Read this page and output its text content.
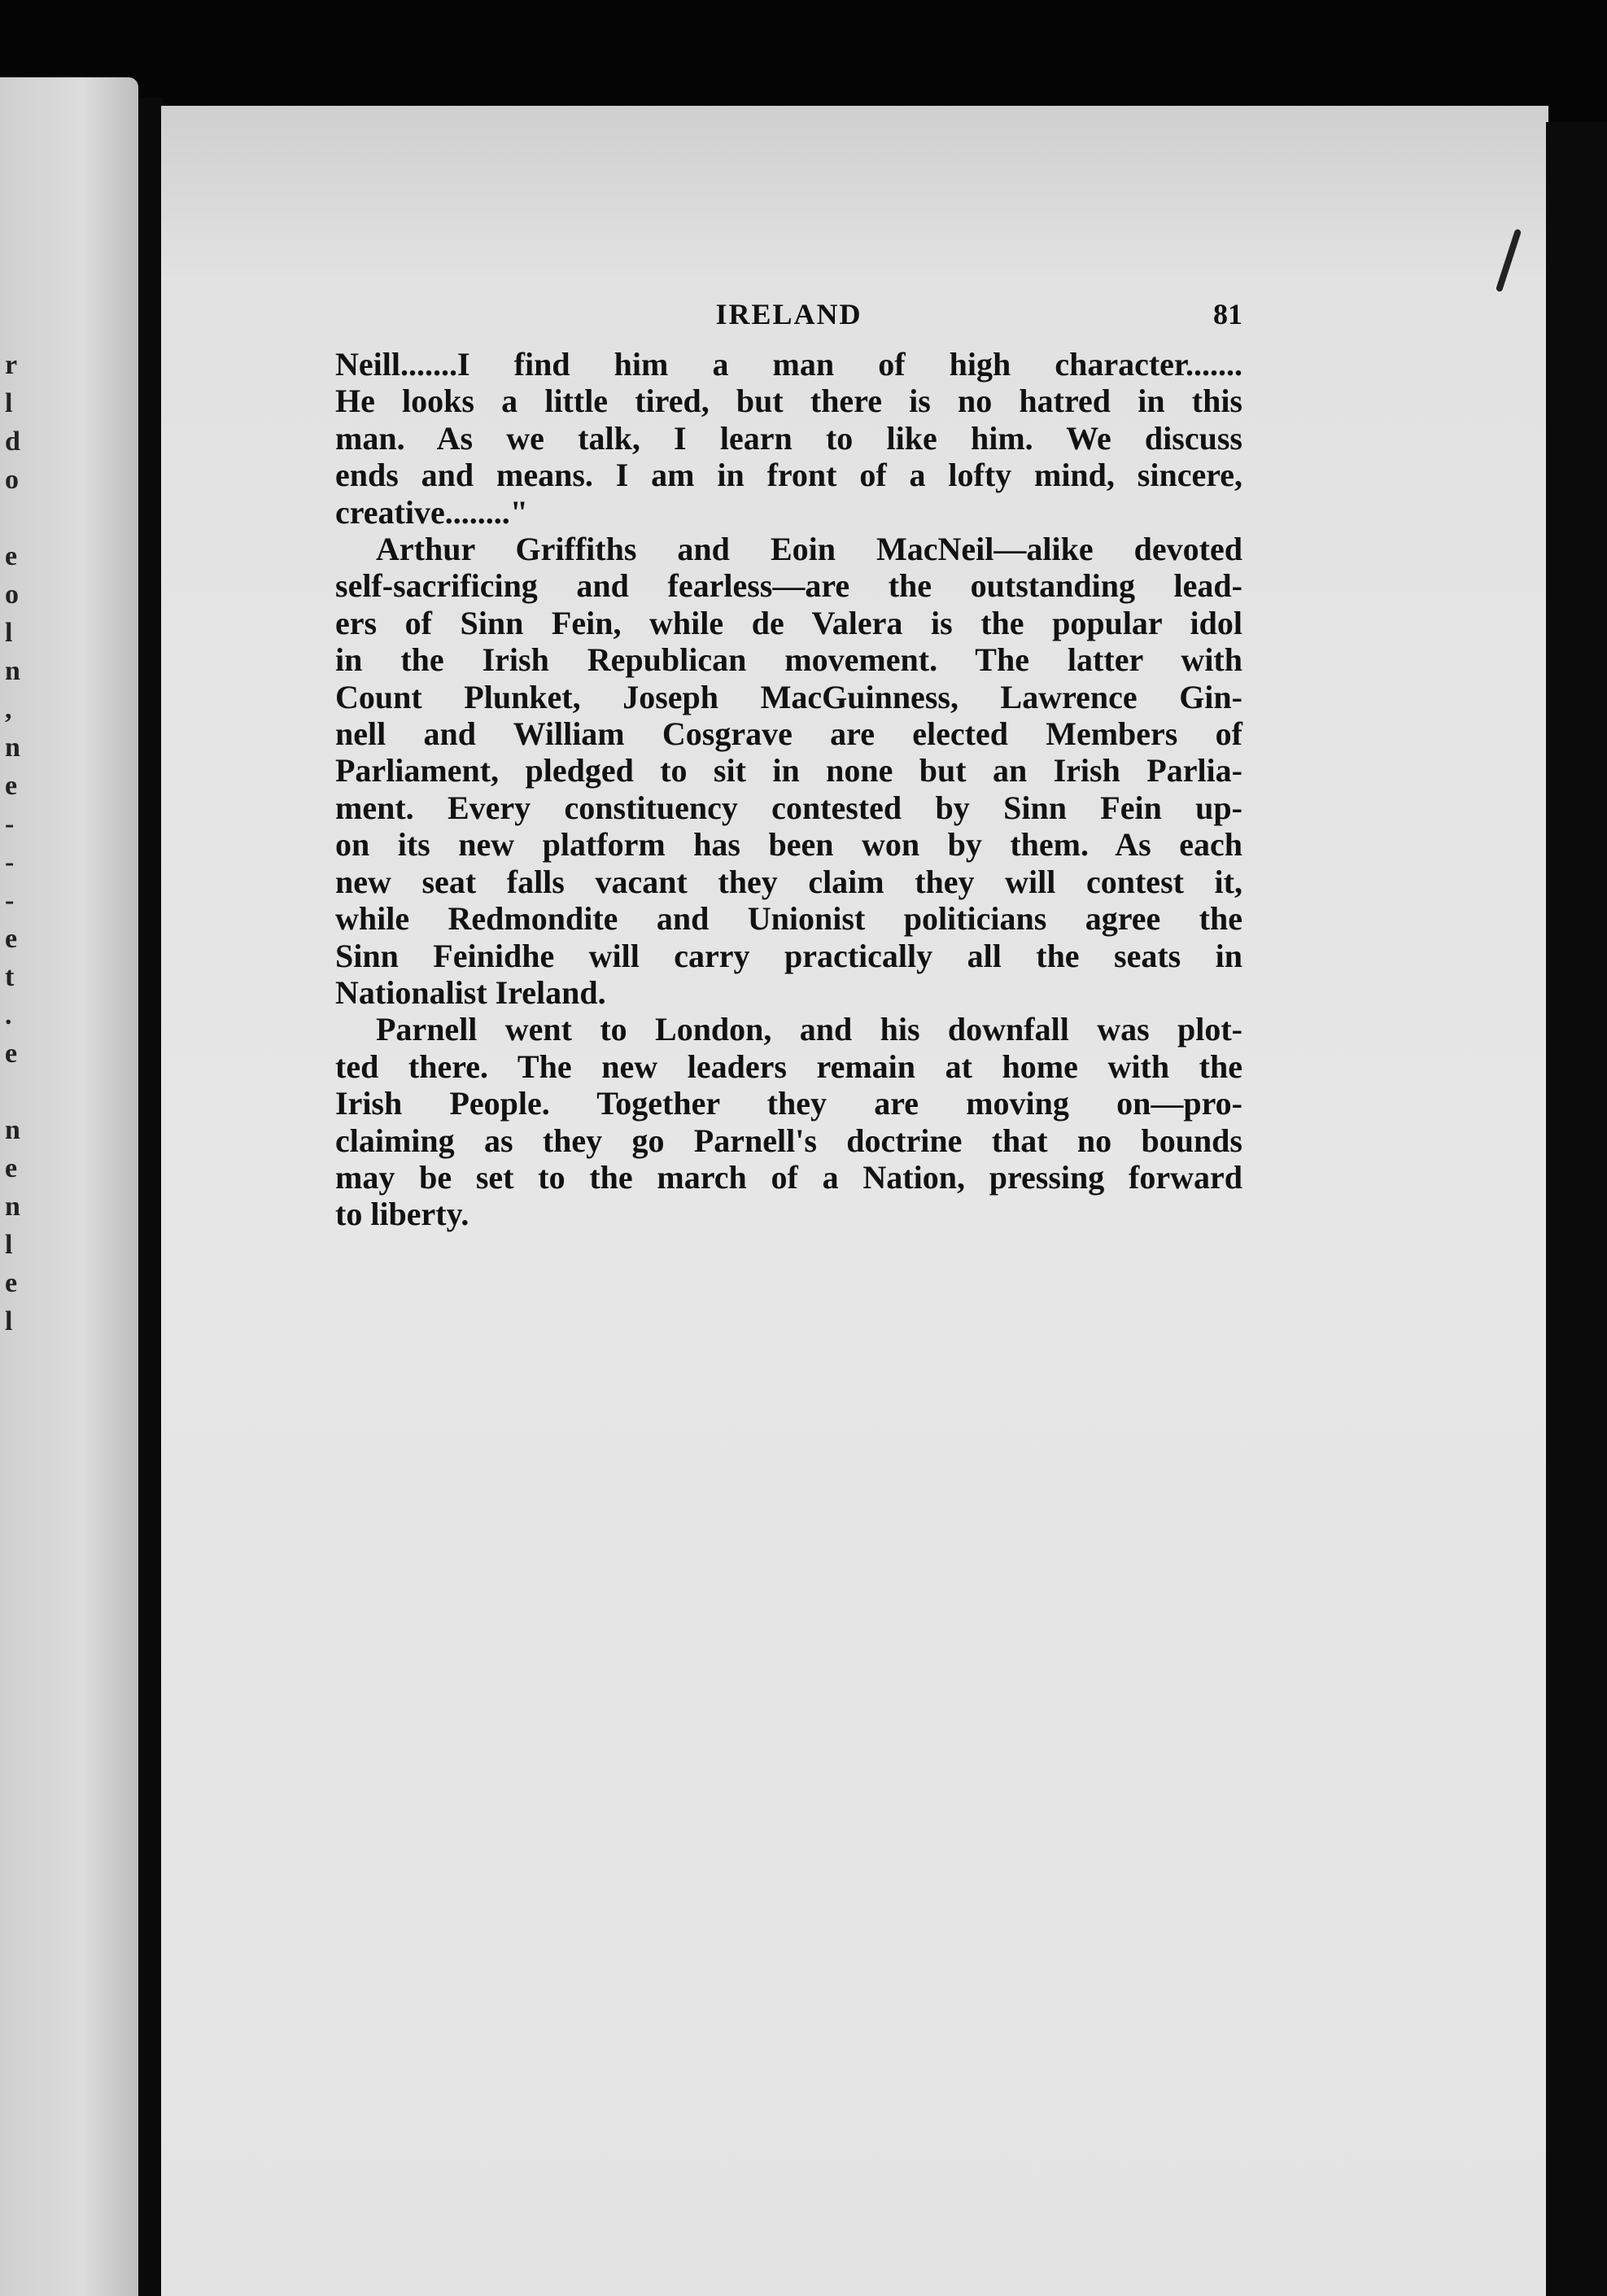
r
l
d
o
e
o
l
n
,
n
e
-
-
-
e
t
.
e
n
e
n
l
e
l
IRELAND	81
Neill.......I find him a man of high character.......
He looks a little tired, but there is no hatred in this
man. As we talk, I learn to like him. We discuss
ends and means. I am in front of a lofty mind, sincere,
creative........"
Arthur Griffiths and Eoin MacNeil—alike devoted
self-sacrificing and fearless—are the outstanding lead-
ers of Sinn Fein, while de Valera is the popular idol
in the Irish Republican movement. The latter with
Count Plunket, Joseph MacGuinness, Lawrence Gin-
nell and William Cosgrave are elected Members of
Parliament, pledged to sit in none but an Irish Parlia-
ment. Every constituency contested by Sinn Fein up-
on its new platform has been won by them. As each
new seat falls vacant they claim they will contest it,
while Redmondite and Unionist politicians agree the
Sinn Feinidhe will carry practically all the seats in
Nationalist Ireland.
Parnell went to London, and his downfall was plot-
ted there. The new leaders remain at home with the
Irish People. Together they are moving on—pro-
claiming as they go Parnell's doctrine that no bounds
may be set to the march of a Nation, pressing forward
to liberty.
